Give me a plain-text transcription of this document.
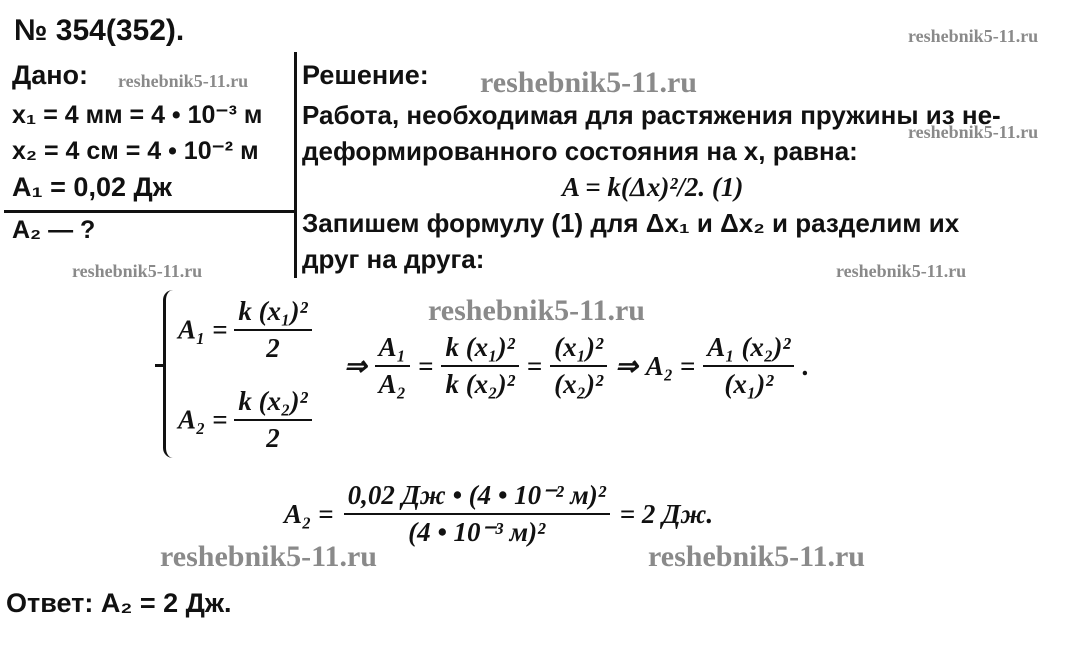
№ 354(352).	reshebnik5-11.ru
reshebnik5-11.ru	reshebnik5-11.ru
reshebnik5-11.ru
reshebnik5-11.ru	reshebnik5-11.ru
reshebnik5-11.ru
reshebnik5-11.ru	reshebnik5-11.ru
Дано:
x₁ = 4 мм = 4 • 10⁻³ м
x₂ = 4 см = 4 • 10⁻² м
A₁ = 0,02 Дж
A₂ — ?
Решение:
Работа, необходимая для растяжения пружины из не-
деформированного состояния на x, равна:
A = k(Δx)²/2. (1)
Запишем формулу (1) для Δx₁ и Δx₂ и разделим их
друг на друга:
$A_1 = \frac{\text{k (x₁)²}}{2}$
$A_2 = \frac{\text{k (x₂)²}}{2}$
⇒ $\frac{\text{A₁}}{\text{A₂}} = \frac{\text{k (x₁)²}}{\text{k (x₂)²}} = \frac{\text{(x₁)²}}{\text{(x₂)²}}$ ⇒ $A_2 = \frac{\text{A₁ (x₂)²}}{\text{(x₁)²}}$ .
$A_2 = \frac{\text{0,02 Дж • (4 • 10⁻² м)²}}{\text{(4 • 10⁻³ м)²}} = 2$ Дж.
Ответ: A₂ = 2 Дж.
